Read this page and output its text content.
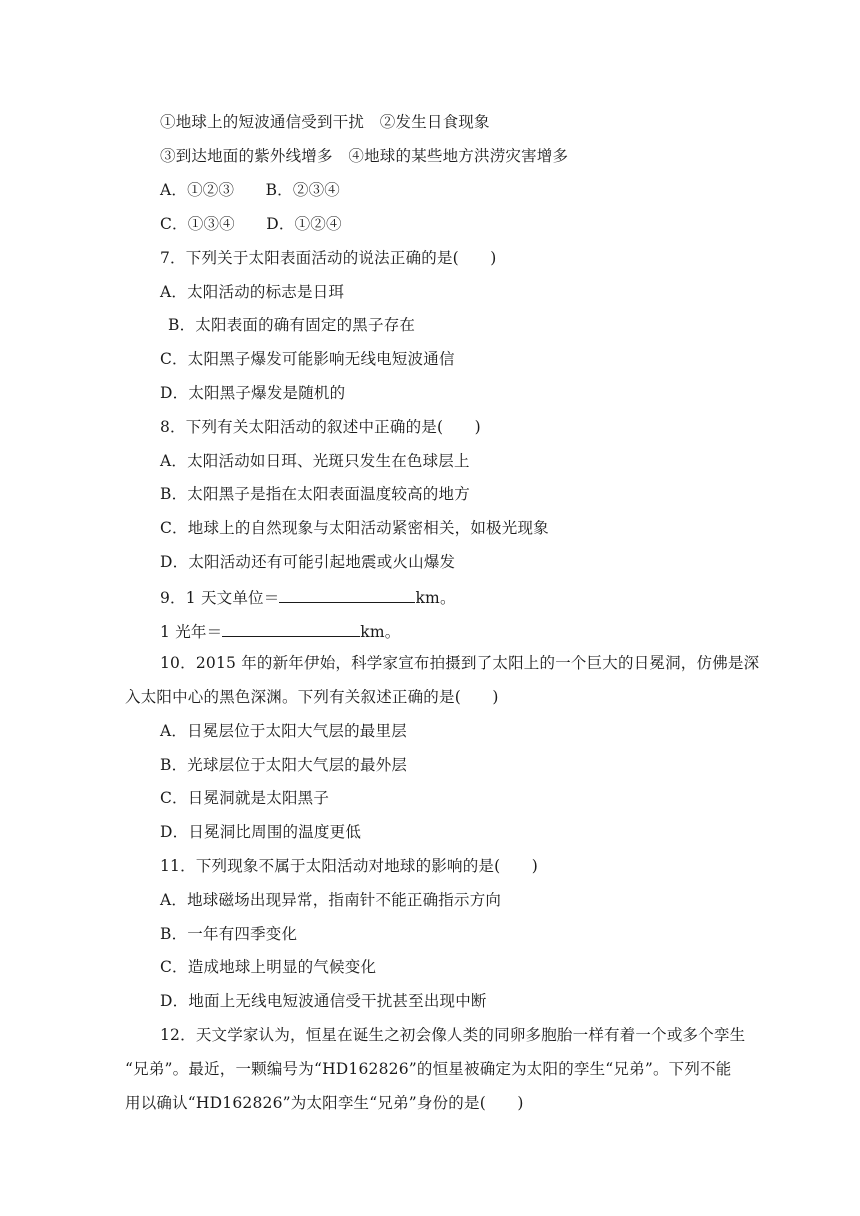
①地球上的短波通信受到干扰　②发生日食现象
③到达地面的紫外线增多　④地球的某些地方洪涝灾害增多
A．①②③　　B．②③④
C．①③④　　D．①②④
7．下列关于太阳表面活动的说法正确的是(　　)
A．太阳活动的标志是日珥
B．太阳表面的确有固定的黑子存在
C．太阳黑子爆发可能影响无线电短波通信
D．太阳黑子爆发是随机的
8．下列有关太阳活动的叙述中正确的是(　　)
A．太阳活动如日珥、光斑只发生在色球层上
B．太阳黑子是指在太阳表面温度较高的地方
C．地球上的自然现象与太阳活动紧密相关，如极光现象
D．太阳活动还有可能引起地震或火山爆发
9．1 天文单位＝	km。
1 光年＝	km。
10．2015 年的新年伊始，科学家宣布拍摄到了太阳上的一个巨大的日冕洞，仿佛是深
入太阳中心的黑色深渊。下列有关叙述正确的是(　　)
A．日冕层位于太阳大气层的最里层
B．光球层位于太阳大气层的最外层
C．日冕洞就是太阳黑子
D．日冕洞比周围的温度更低
11．下列现象不属于太阳活动对地球的影响的是(　　)
A．地球磁场出现异常，指南针不能正确指示方向
B．一年有四季变化
C．造成地球上明显的气候变化
D．地面上无线电短波通信受干扰甚至出现中断
12．天文学家认为，恒星在诞生之初会像人类的同卵多胞胎一样有着一个或多个孪生
“兄弟”。最近，一颗编号为“HD162826”的恒星被确定为太阳的孪生“兄弟”。下列不能
用以确认“HD162826”为太阳孪生“兄弟”身份的是(　　)
